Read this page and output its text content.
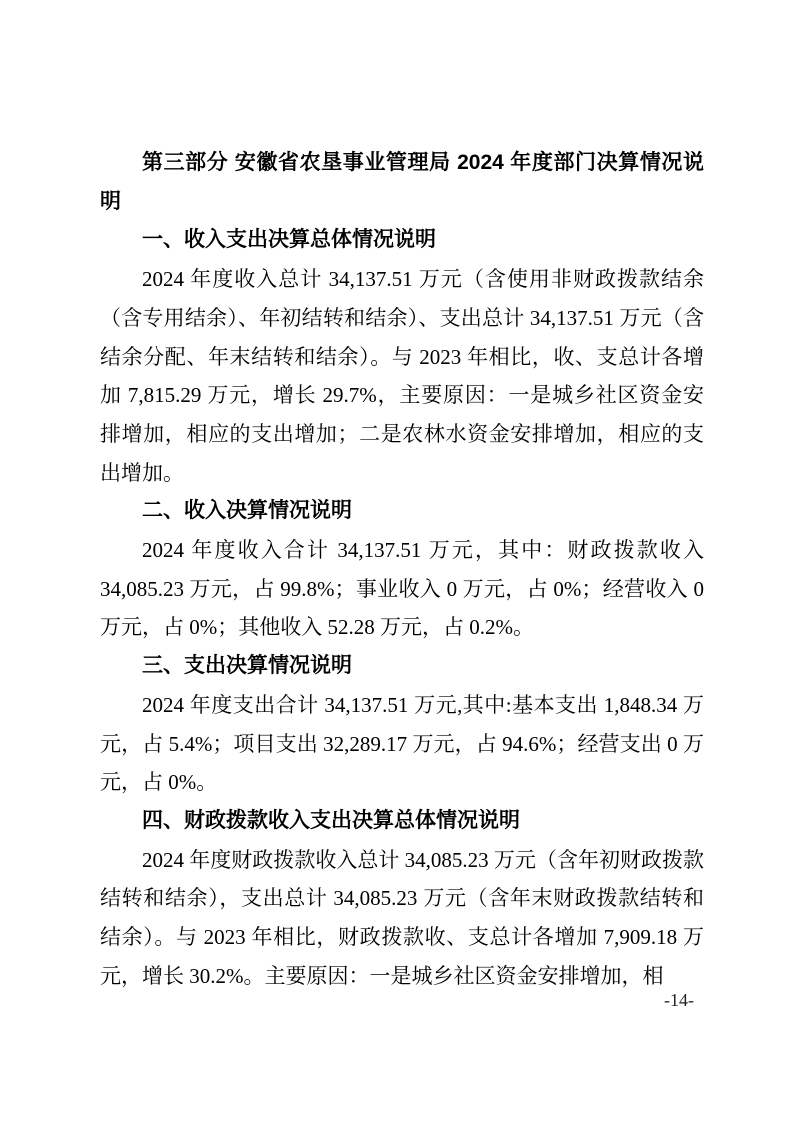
第三部分 安徽省农垦事业管理局 2024 年度部门决算情况说明

一、收入支出决算总体情况说明

2024 年度收入总计 34,137.51 万元（含使用非财政拨款结余（含专用结余）、年初结转和结余）、支出总计 34,137.51 万元（含结余分配、年末结转和结余）。与 2023 年相比，收、支总计各增加 7,815.29 万元，增长 29.7%，主要原因：一是城乡社区资金安排增加，相应的支出增加；二是农林水资金安排增加，相应的支出增加。

二、收入决算情况说明

2024 年度收入合计 34,137.51 万元，其中：财政拨款收入 34,085.23 万元，占 99.8%；事业收入 0 万元，占 0%；经营收入 0 万元，占 0%；其他收入 52.28 万元，占 0.2%。

三、支出决算情况说明

2024 年度支出合计 34,137.51 万元,其中:基本支出 1,848.34 万元，占 5.4%；项目支出 32,289.17 万元，占 94.6%；经营支出 0 万元，占 0%。

四、财政拨款收入支出决算总体情况说明

2024 年度财政拨款收入总计 34,085.23 万元（含年初财政拨款结转和结余），支出总计 34,085.23 万元（含年末财政拨款结转和结余）。与 2023 年相比，财政拨款收、支总计各增加 7,909.18 万元，增长 30.2%。主要原因：一是城乡社区资金安排增加，相

-14-
